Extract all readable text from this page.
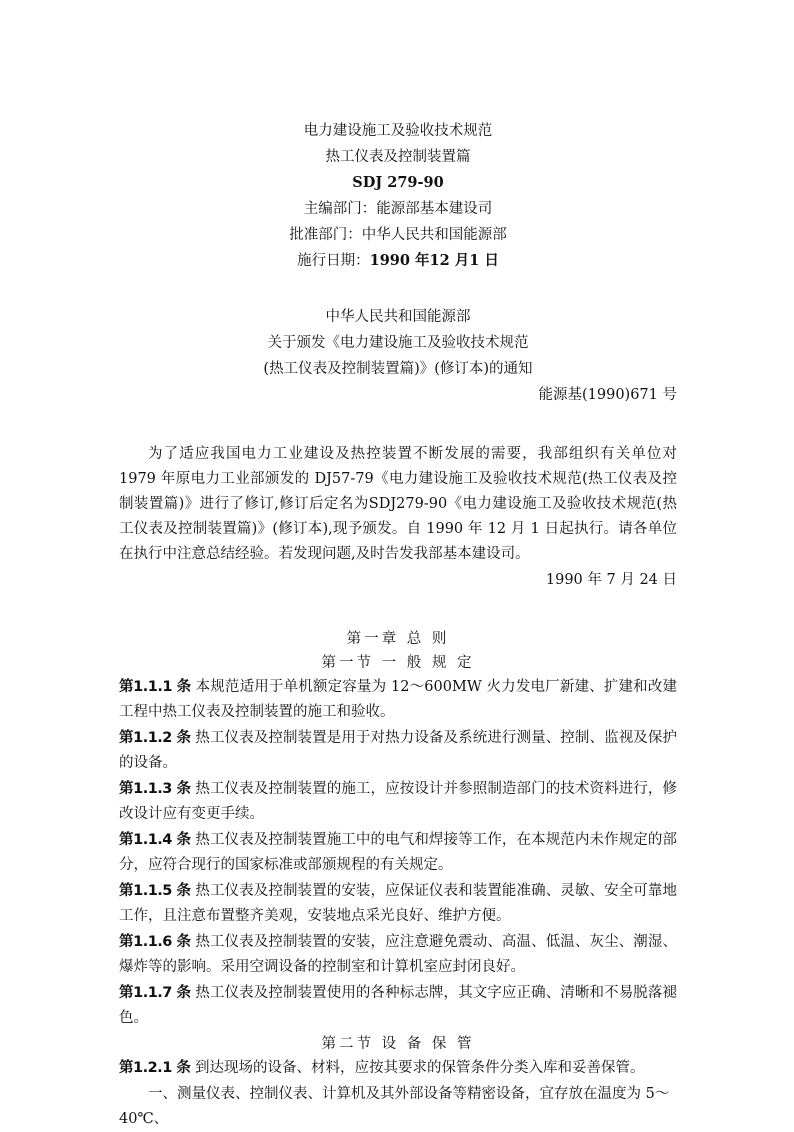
电力建设施工及验收技术规范
热工仪表及控制装置篇
SDJ 279-90
主编部门：能源部基本建设司
批准部门：中华人民共和国能源部
施行日期：1990 年12 月1 日
中华人民共和国能源部
关于颁发《电力建设施工及验收技术规范
(热工仪表及控制装置篇)》(修订本)的通知
能源基(1990)671 号
为了适应我国电力工业建设及热控装置不断发展的需要，我部组织有关单位对 1979 年原电力工业部颁发的 DJ57-79《电力建设施工及验收技术规范(热工仪表及控制装置篇)》进行了修订,修订后定名为SDJ279-90《电力建设施工及验收技术规范(热工仪表及控制装置篇)》(修订本),现予颁发。自 1990 年 12 月 1 日起执行。请各单位在执行中注意总结经验。若发现问题,及时告发我部基本建设司。
1990 年 7 月 24 日
第一章 总 则
第一节 一 般 规 定
第1.1.1 条 本规范适用于单机额定容量为 12～600MW 火力发电厂新建、扩建和改建工程中热工仪表及控制装置的施工和验收。
第1.1.2 条 热工仪表及控制装置是用于对热力设备及系统进行测量、控制、监视及保护的设备。
第1.1.3 条 热工仪表及控制装置的施工，应按设计并参照制造部门的技术资料进行，修改设计应有变更手续。
第1.1.4 条 热工仪表及控制装置施工中的电气和焊接等工作，在本规范内未作规定的部分，应符合现行的国家标准或部颁规程的有关规定。
第1.1.5 条 热工仪表及控制装置的安装，应保证仪表和装置能准确、灵敏、安全可靠地工作，且注意布置整齐美观，安装地点采光良好、维护方便。
第1.1.6 条 热工仪表及控制装置的安装，应注意避免震动、高温、低温、灰尘、潮湿、爆炸等的影响。采用空调设备的控制室和计算机室应封闭良好。
第1.1.7 条 热工仪表及控制装置使用的各种标志牌，其文字应正确、清晰和不易脱落褪色。
第二节 设 备 保 管
第1.2.1 条 到达现场的设备、材料，应按其要求的保管条件分类入库和妥善保管。
一、测量仪表、控制仪表、计算机及其外部设备等精密设备，宜存放在温度为 5～40℃、
